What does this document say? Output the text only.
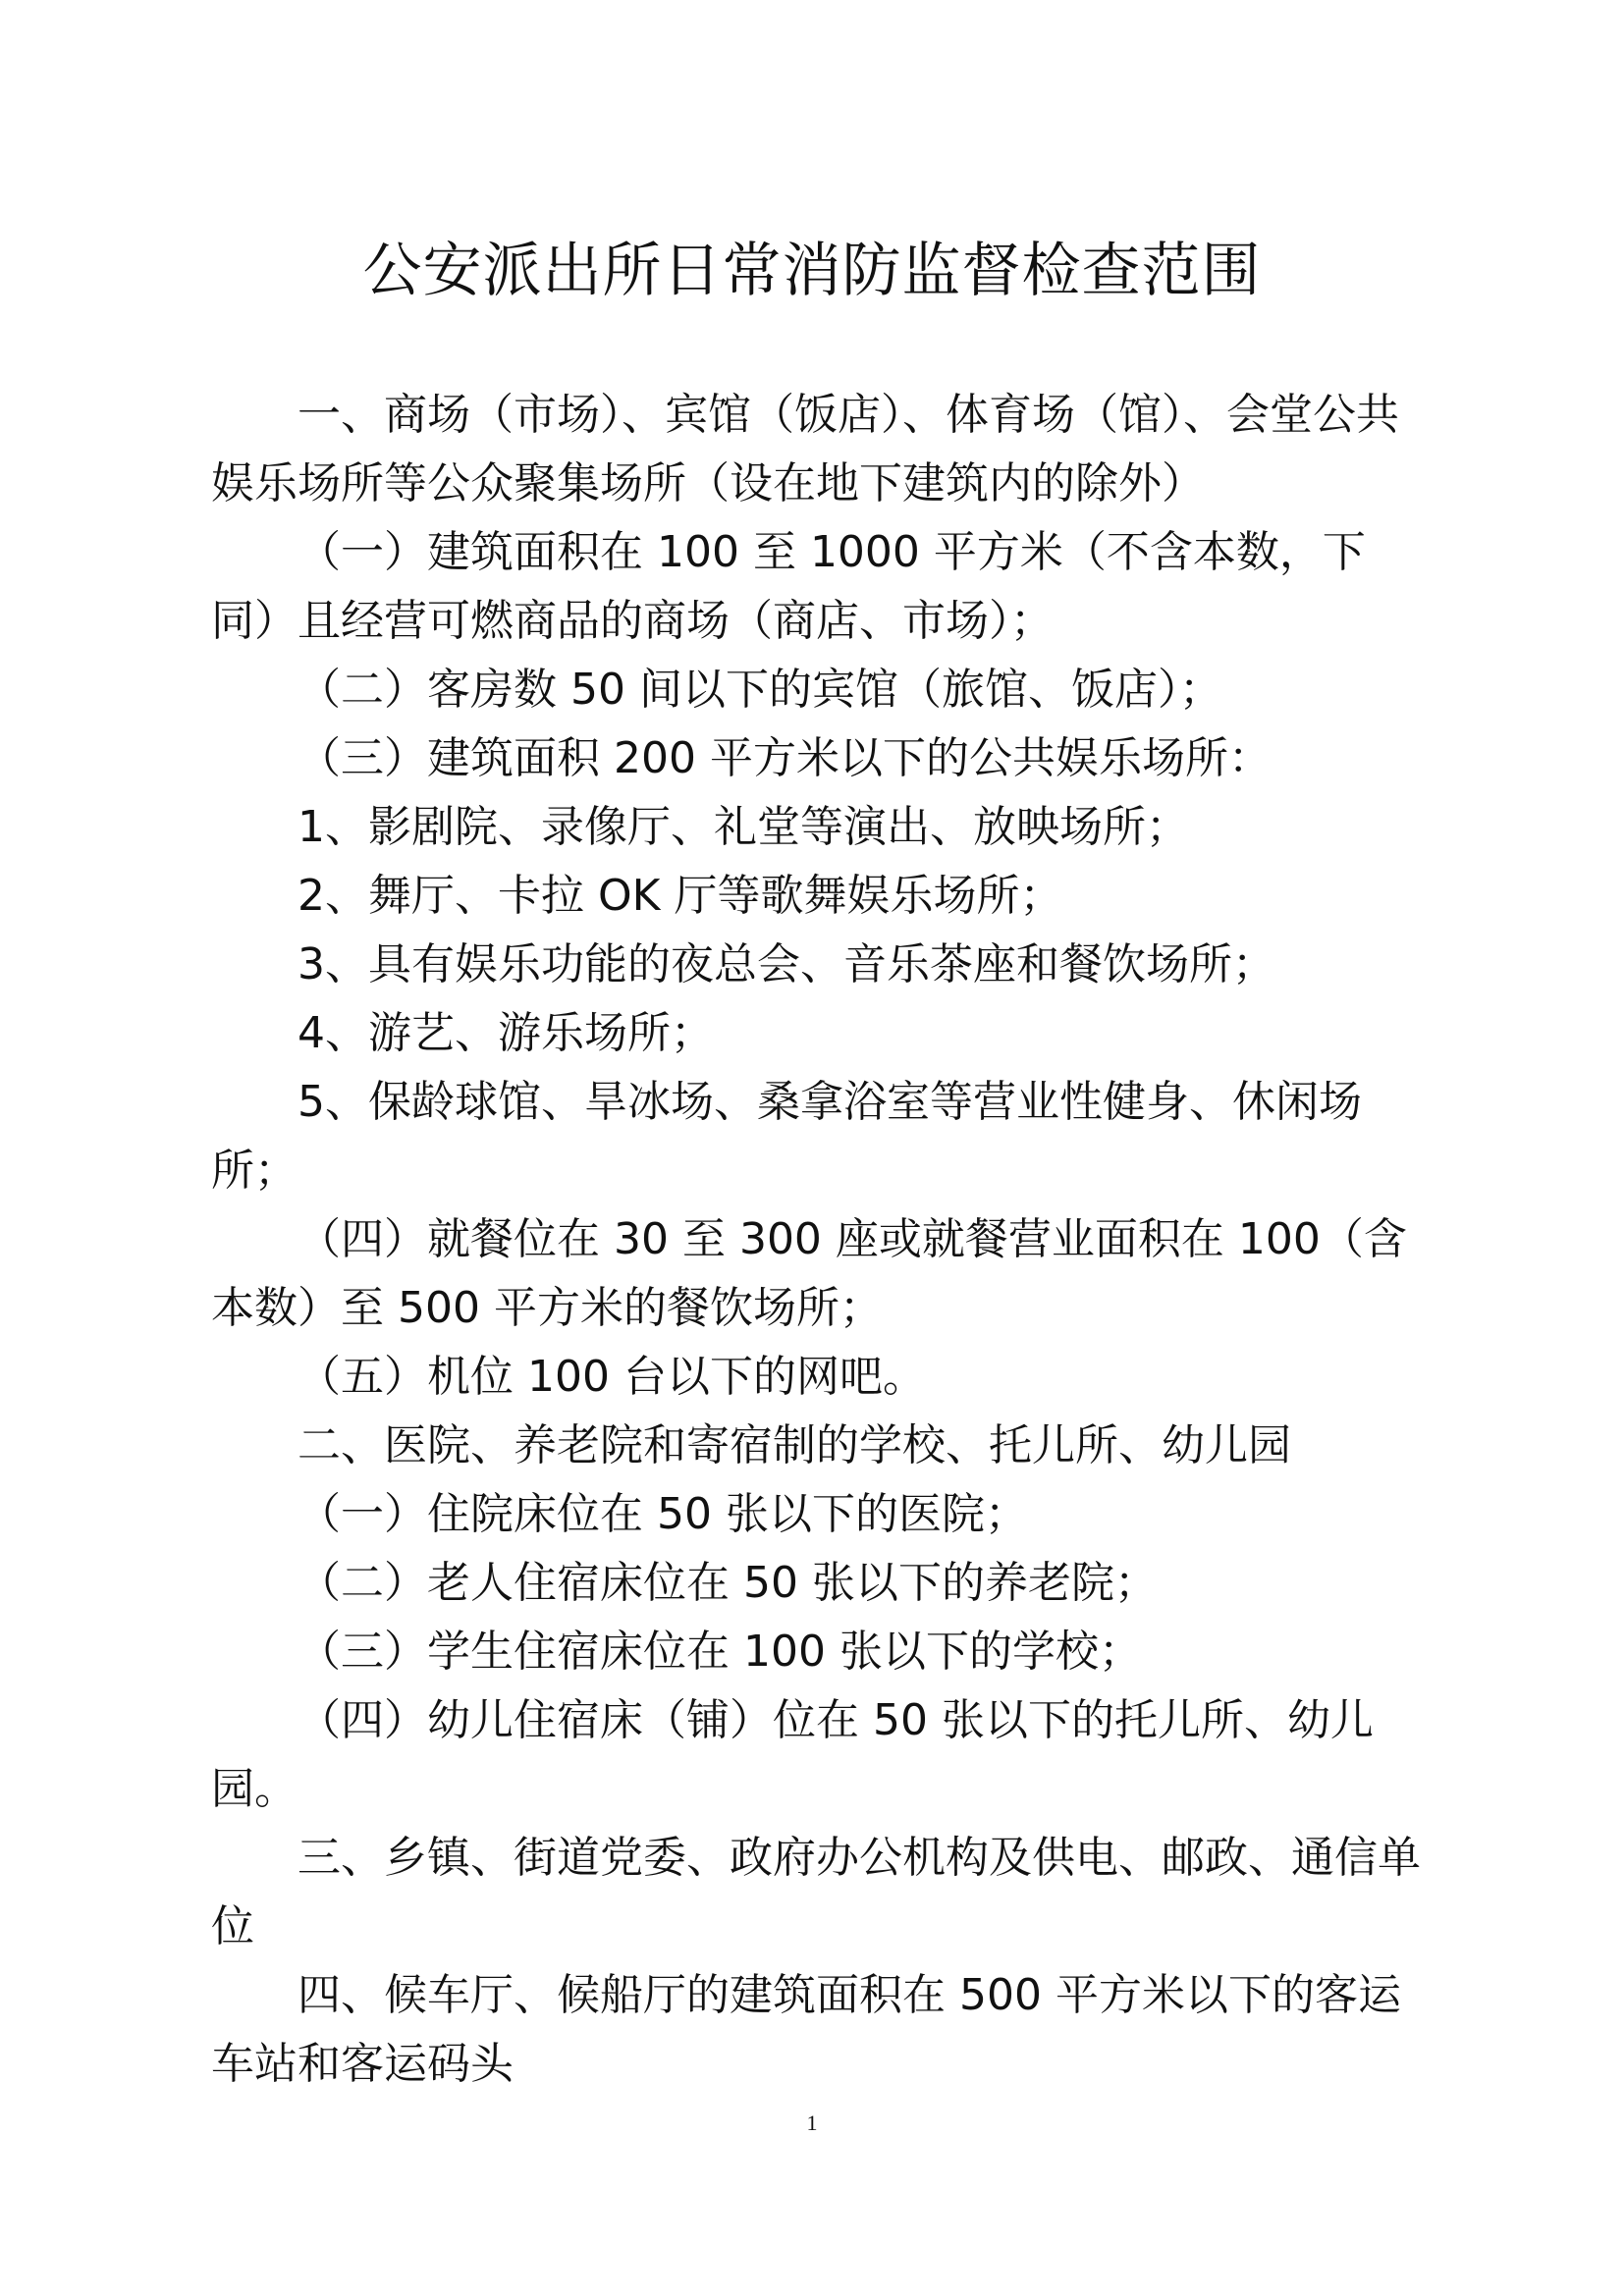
公安派出所日常消防监督检查范围

一、商场（市场）、宾馆（饭店）、体育场（馆）、会堂公共娱乐场所等公众聚集场所（设在地下建筑内的除外）

（一）建筑面积在 100 至 1000 平方米（不含本数，下同）且经营可燃商品的商场（商店、市场）；

（二）客房数 50 间以下的宾馆（旅馆、饭店）；

（三）建筑面积 200 平方米以下的公共娱乐场所：

1、影剧院、录像厅、礼堂等演出、放映场所；

2、舞厅、卡拉 OK 厅等歌舞娱乐场所；

3、具有娱乐功能的夜总会、音乐茶座和餐饮场所；

4、游艺、游乐场所；

5、保龄球馆、旱冰场、桑拿浴室等营业性健身、休闲场所；

（四）就餐位在 30 至 300 座或就餐营业面积在 100（含本数）至 500 平方米的餐饮场所；

（五）机位 100 台以下的网吧。

二、医院、养老院和寄宿制的学校、托儿所、幼儿园

（一）住院床位在 50 张以下的医院；

（二）老人住宿床位在 50 张以下的养老院；

（三）学生住宿床位在 100 张以下的学校；

（四）幼儿住宿床（铺）位在 50 张以下的托儿所、幼儿园。

三、乡镇、街道党委、政府办公机构及供电、邮政、通信单位

四、候车厅、候船厅的建筑面积在 500 平方米以下的客运车站和客运码头

1
